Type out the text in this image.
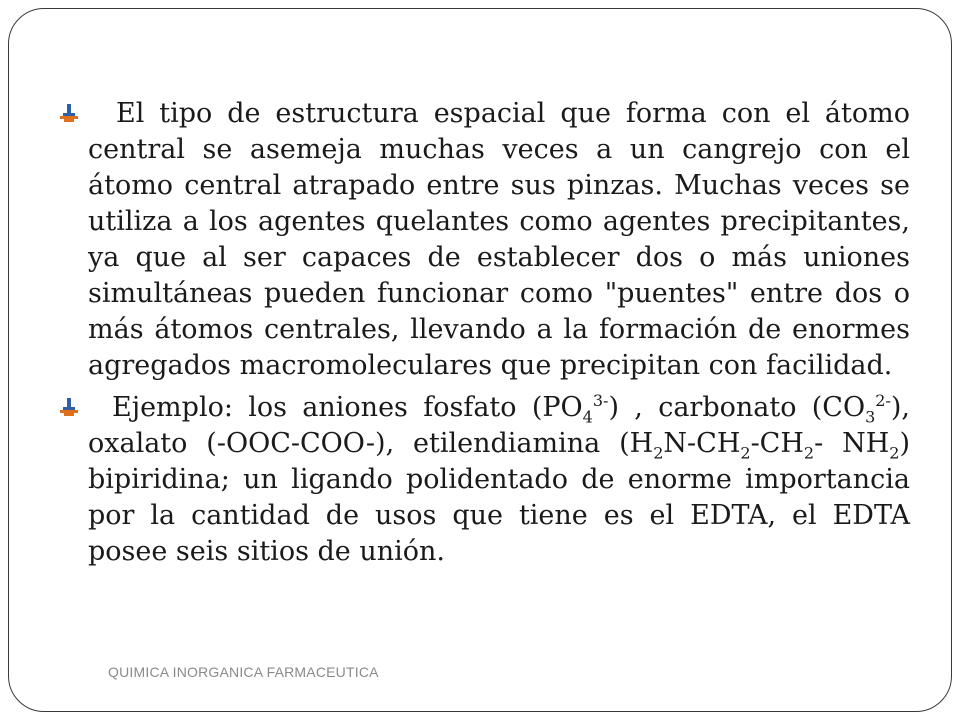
El tipo de estructura espacial que forma con el átomo central se asemeja muchas veces a un cangrejo con el átomo central atrapado entre sus pinzas. Muchas veces se utiliza a los agentes quelantes como agentes precipitantes, ya que al ser capaces de establecer dos o más uniones simultáneas pueden funcionar como "puentes" entre dos o más átomos centrales, llevando a la formación de enormes agregados macromoleculares que precipitan con facilidad.
Ejemplo: los aniones fosfato $(PO_4^{3-})$ , carbonato $(CO_3^{2-})$, oxalato (-OOC-COO-), etilendiamina ($H_2N-CH_2-CH_2-$ $NH_2$) bipiridina; un ligando polidentado de enorme importancia por la cantidad de usos que tiene es el EDTA, el EDTA posee seis sitios de unión.
QUIMICA INORGANICA FARMACEUTICA
